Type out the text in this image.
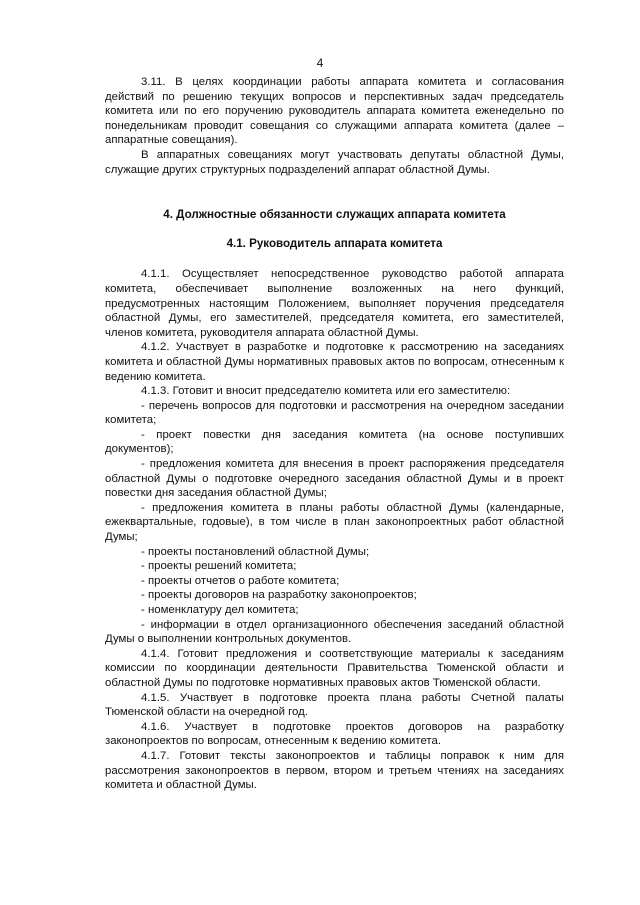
4

3.11. В целях координации работы аппарата комитета и согласования действий по решению текущих вопросов и перспективных задач председатель комитета или по его поручению руководитель аппарата комитета еженедельно по понедельникам проводит совещания со служащими аппарата комитета (далее – аппаратные совещания).

В аппаратных совещаниях могут участвовать депутаты областной Думы, служащие других структурных подразделений аппарат областной Думы.

4. Должностные обязанности служащих аппарата комитета

4.1. Руководитель аппарата комитета

4.1.1. Осуществляет непосредственное руководство работой аппарата комитета, обеспечивает выполнение возложенных на него функций, предусмотренных настоящим Положением, выполняет поручения председателя областной Думы, его заместителей, председателя комитета, его заместителей, членов комитета, руководителя аппарата областной Думы.

4.1.2. Участвует в разработке и подготовке к рассмотрению на заседаниях комитета и областной Думы нормативных правовых актов по вопросам, отнесенным к ведению комитета.

4.1.3. Готовит и вносит председателю комитета или его заместителю:

- перечень вопросов для подготовки и рассмотрения на очередном заседании комитета;

- проект повестки дня заседания комитета (на основе поступивших документов);

- предложения комитета для внесения в проект распоряжения председателя областной Думы о подготовке очередного заседания областной Думы и в проект повестки дня заседания областной Думы;

- предложения комитета в планы работы областной Думы (календарные, ежеквартальные, годовые), в том числе в план законопроектных работ областной Думы;

- проекты постановлений областной Думы;

- проекты решений комитета;

- проекты отчетов о работе комитета;

- проекты договоров на разработку законопроектов;

- номенклатуру дел комитета;

- информации в отдел организационного обеспечения заседаний областной Думы о выполнении контрольных документов.

4.1.4. Готовит предложения и соответствующие материалы к заседаниям комиссии по координации деятельности Правительства Тюменской области и областной Думы по подготовке нормативных правовых актов Тюменской области.

4.1.5. Участвует в подготовке проекта плана работы Счетной палаты Тюменской области на очередной год.

4.1.6. Участвует в подготовке проектов договоров на разработку законопроектов по вопросам, отнесенным к ведению комитета.

4.1.7. Готовит тексты законопроектов и таблицы поправок к ним для рассмотрения законопроектов в первом, втором и третьем чтениях на заседаниях комитета и областной Думы.
